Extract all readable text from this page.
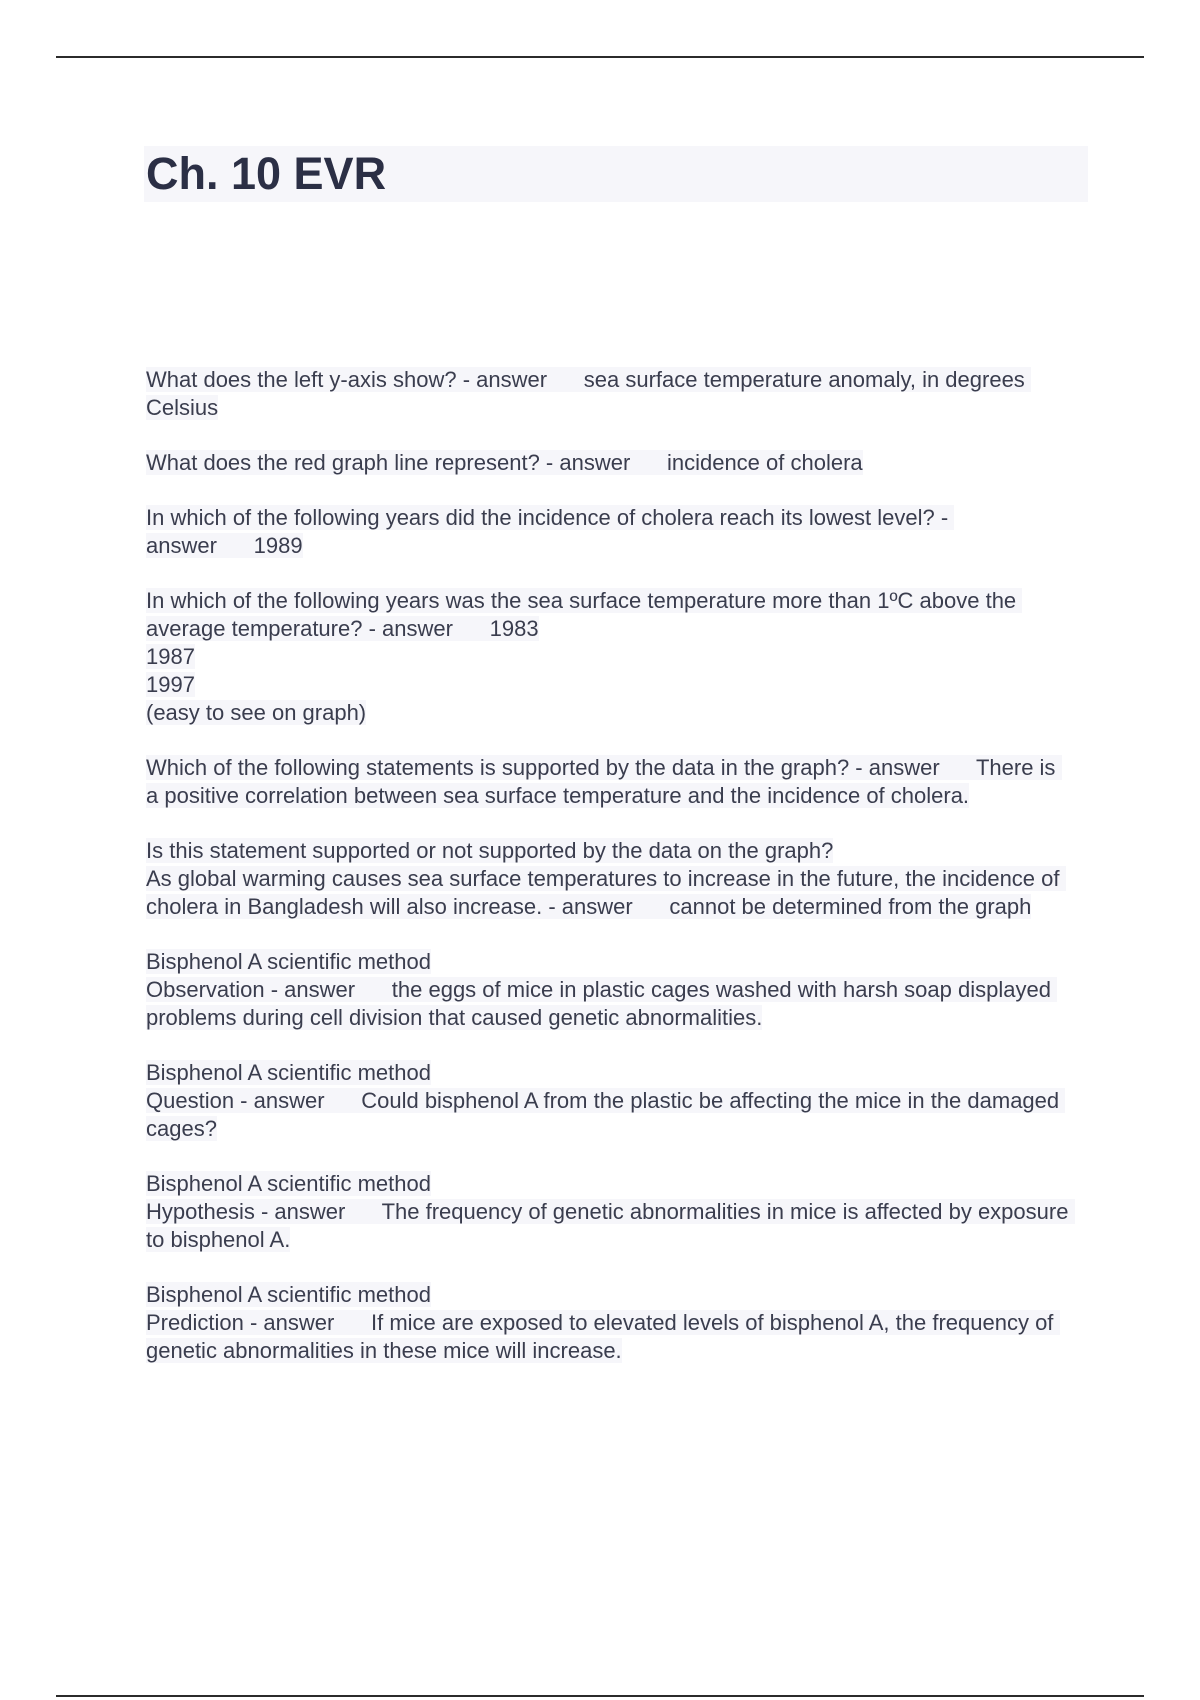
Ch. 10 EVR
What does the left y-axis show? - answer sea surface temperature anomaly, in degrees Celsius
What does the red graph line represent? - answer incidence of cholera
In which of the following years did the incidence of cholera reach its lowest level? - answer 1989
In which of the following years was the sea surface temperature more than 1ºC above the average temperature? - answer 1983
1987
1997
(easy to see on graph)
Which of the following statements is supported by the data in the graph? - answer There is a positive correlation between sea surface temperature and the incidence of cholera.
Is this statement supported or not supported by the data on the graph?
As global warming causes sea surface temperatures to increase in the future, the incidence of cholera in Bangladesh will also increase. - answer cannot be determined from the graph
Bisphenol A scientific method
Observation - answer the eggs of mice in plastic cages washed with harsh soap displayed problems during cell division that caused genetic abnormalities.
Bisphenol A scientific method
Question - answer Could bisphenol A from the plastic be affecting the mice in the damaged cages?
Bisphenol A scientific method
Hypothesis - answer The frequency of genetic abnormalities in mice is affected by exposure to bisphenol A.
Bisphenol A scientific method
Prediction - answer If mice are exposed to elevated levels of bisphenol A, the frequency of genetic abnormalities in these mice will increase.
